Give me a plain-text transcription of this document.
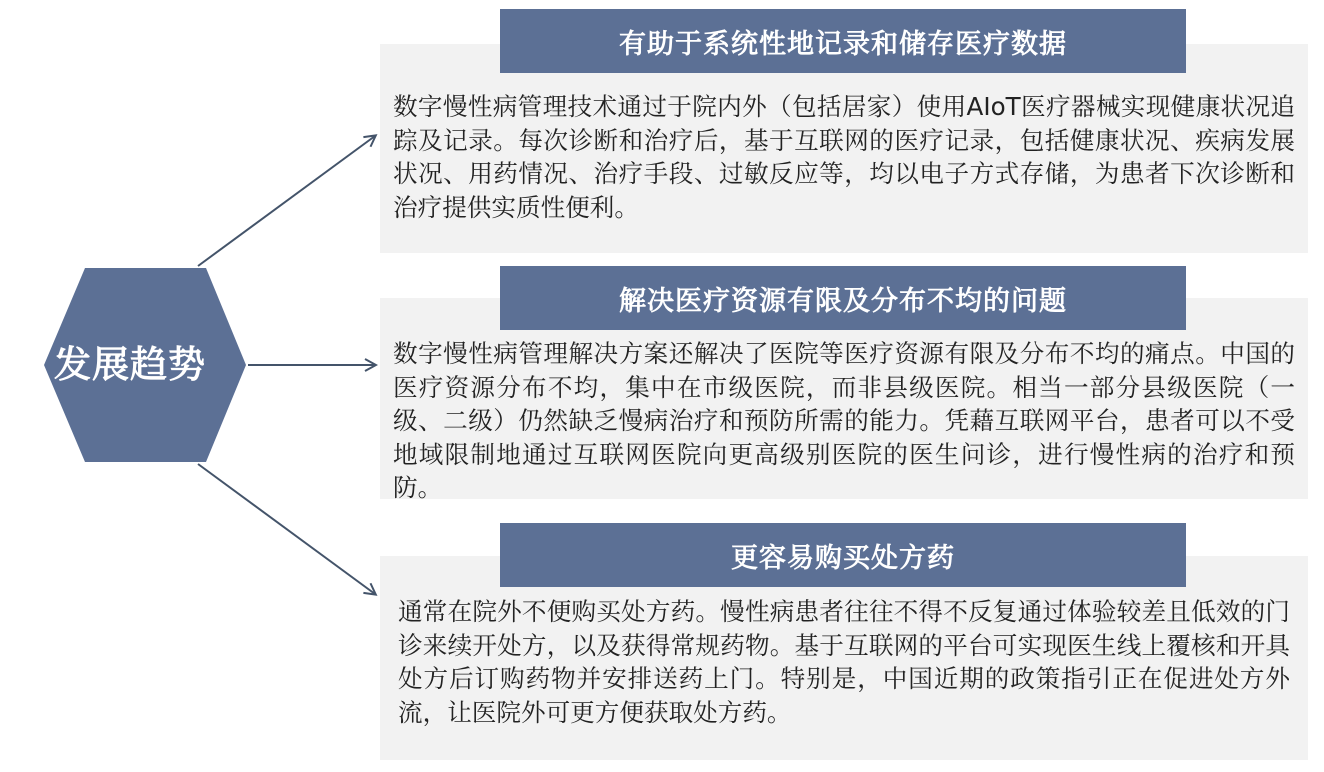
发展趋势
有助于系统性地记录和储存医疗数据
解决医疗资源有限及分布不均的问题
更容易购买处方药
数字慢性病管理技术通过于院内外（包括居家）使用AIoT医疗器械实现健康状况追踪及记录。每次诊断和治疗后，基于互联网的医疗记录，包括健康状况、疾病发展状况、用药情况、治疗手段、过敏反应等，均以电子方式存储，为患者下次诊断和治疗提供实质性便利。
数字慢性病管理解决方案还解决了医院等医疗资源有限及分布不均的痛点。中国的医疗资源分布不均，集中在市级医院，而非县级医院。相当一部分县级医院（一级、二级）仍然缺乏慢病治疗和预防所需的能力。凭藉互联网平台，患者可以不受地域限制地通过互联网医院向更高级别医院的医生问诊，进行慢性病的治疗和预防。
通常在院外不便购买处方药。慢性病患者往往不得不反复通过体验较差且低效的门诊来续开处方，以及获得常规药物。基于互联网的平台可实现医生线上覆核和开具处方后订购药物并安排送药上门。特别是，中国近期的政策指引正在促进处方外流，让医院外可更方便获取处方药。
